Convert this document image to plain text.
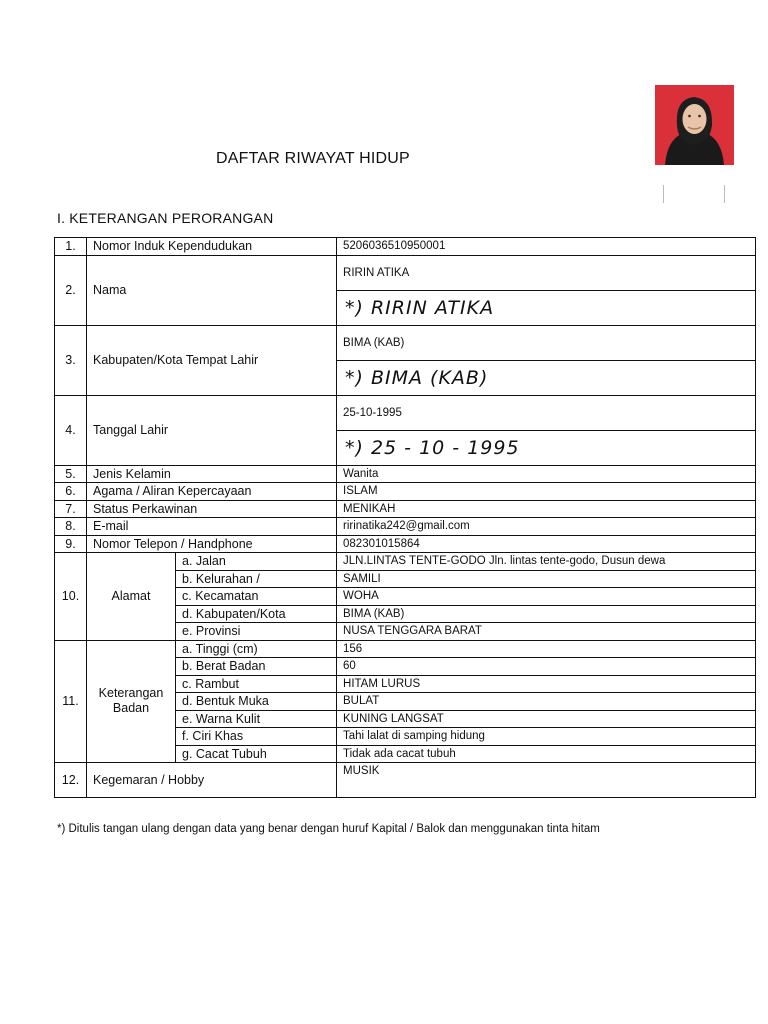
DAFTAR RIWAYAT HIDUP
I. KETERANGAN PERORANGAN
1.	Nomor Induk Kependudukan		5206036510950001
2.	Nama		RIRIN ATIKA
			*) RIRIN ATIKA
3.	Kabupaten/Kota Tempat Lahir		BIMA (KAB)
			*) BIMA (KAB)
4.	Tanggal Lahir		25-10-1995
			*) 25 - 10 - 1995
5.	Jenis Kelamin		Wanita
6.	Agama / Aliran Kepercayaan		ISLAM
7.	Status Perkawinan		MENIKAH
8.	E-mail		ririnatika242@gmail.com
9.	Nomor Telepon / Handphone		082301015864
10.	Alamat	a. Jalan	JLN.LINTAS TENTE-GODO Jln. lintas tente-godo, Dusun dewa
		b. Kelurahan /	SAMILI
		c. Kecamatan	WOHA
		d. Kabupaten/Kota	BIMA (KAB)
		e. Provinsi	NUSA TENGGARA BARAT
11.	Keterangan Badan	a. Tinggi (cm)	156
		b. Berat Badan	60
		c. Rambut	HITAM LURUS
		d. Bentuk Muka	BULAT
		e. Warna Kulit	KUNING LANGSAT
		f. Ciri Khas	Tahi lalat di samping hidung
		g. Cacat Tubuh	Tidak ada cacat tubuh
12.	Kegemaran / Hobby		MUSIK
*) Ditulis tangan ulang dengan data yang benar dengan huruf Kapital / Balok dan menggunakan tinta hitam
